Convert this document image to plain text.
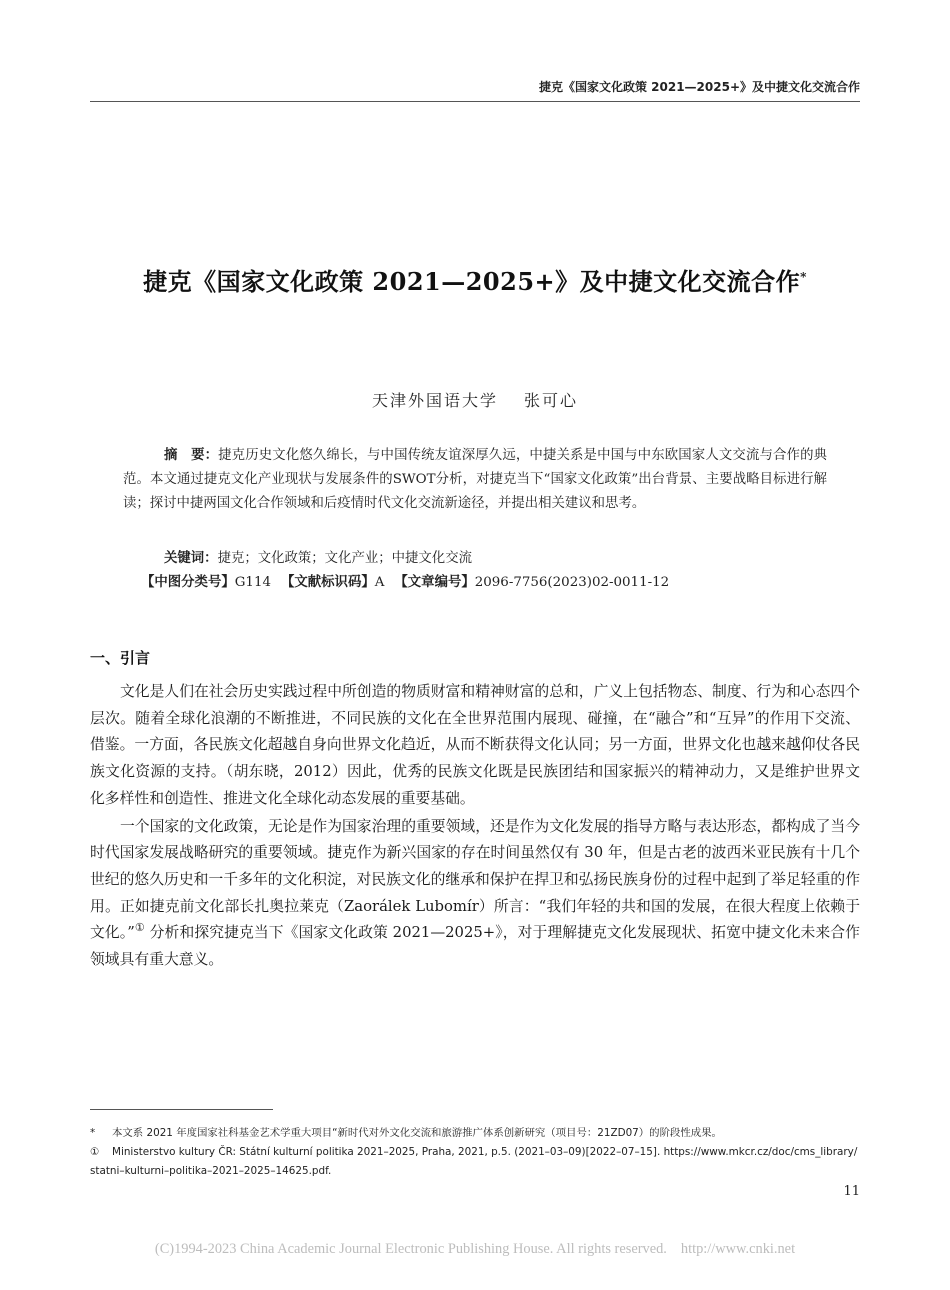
捷克《国家文化政策 2021—2025+》及中捷文化交流合作
捷克《国家文化政策 2021—2025+》及中捷文化交流合作*
天津外国语大学 张可心
摘　要：捷克历史文化悠久绵长，与中国传统友谊深厚久远，中捷关系是中国与中东欧国家人文交流与合作的典范。本文通过捷克文化产业现状与发展条件的SWOT分析，对捷克当下“国家文化政策”出台背景、主要战略目标进行解读；探讨中捷两国文化合作领域和后疫情时代文化交流新途径，并提出相关建议和思考。
关键词：捷克；文化政策；文化产业；中捷文化交流
【中图分类号】G114 【文献标识码】A 【文章编号】2096-7756(2023)02-0011-12
一、引言

文化是人们在社会历史实践过程中所创造的物质财富和精神财富的总和，广义上包括物态、制度、行为和心态四个层次。随着全球化浪潮的不断推进，不同民族的文化在全世界范围内展现、碰撞，在“融合”和“互异”的作用下交流、借鉴。一方面，各民族文化超越自身向世界文化趋近，从而不断获得文化认同；另一方面，世界文化也越来越仰仗各民族文化资源的支持。（胡东晓，2012）因此，优秀的民族文化既是民族团结和国家振兴的精神动力，又是维护世界文化多样性和创造性、推进文化全球化动态发展的重要基础。

一个国家的文化政策，无论是作为国家治理的重要领域，还是作为文化发展的指导方略与表达形态，都构成了当今时代国家发展战略研究的重要领域。捷克作为新兴国家的存在时间虽然仅有 30 年，但是古老的波西米亚民族有十几个世纪的悠久历史和一千多年的文化积淀，对民族文化的继承和保护在捍卫和弘扬民族身份的过程中起到了举足轻重的作用。正如捷克前文化部长扎奥拉莱克（Zaorálek Lubomír）所言：“我们年轻的共和国的发展，在很大程度上依赖于文化。”① 分析和探究捷克当下《国家文化政策 2021—2025+》，对于理解捷克文化发展现状、拓宽中捷文化未来合作领域具有重大意义。

* 本文系 2021 年度国家社科基金艺术学重大项目“新时代对外文化交流和旅游推广体系创新研究（项目号：21ZD07）的阶段性成果。
① Ministerstvo kultury ČR: Státní kulturní politika 2021–2025, Praha, 2021, p.5. (2021–03–09)[2022–07–15]. https://www.mkcr.cz/doc/cms_library/
statni–kulturni–politika–2021–2025–14625.pdf.
11
(C)1994-2023 China Academic Journal Electronic Publishing House. All rights reserved. http://www.cnki.net
